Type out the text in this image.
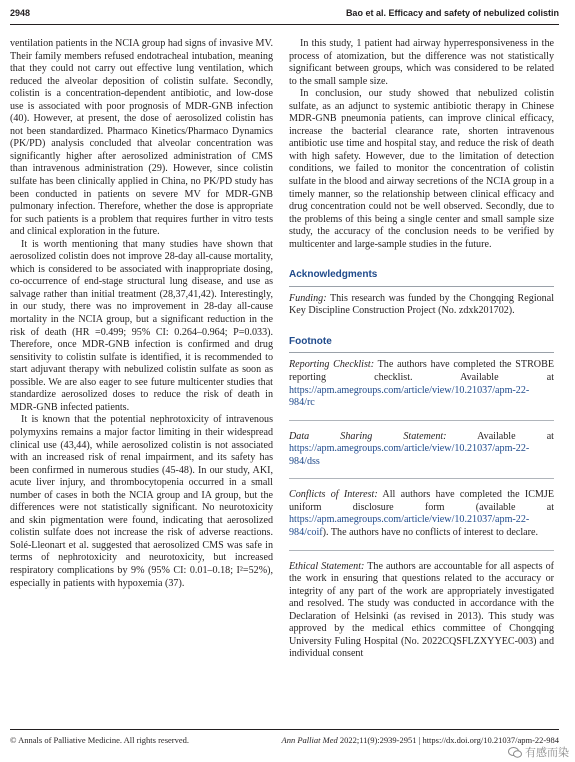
2948	Bao et al. Efficacy and safety of nebulized colistin

ventilation patients in the NCIA group had signs of invasive MV. Their family members refused endotracheal intubation, meaning that they could not carry out effective lung ventilation, which reduced the alveolar deposition of colistin sulfate. Secondly, colistin is a concentration-dependent antibiotic, and low-dose use is associated with poor prognosis of MDR-GNB infection (40). However, at present, the dose of aerosolized colistin has not been standardized. Pharmaco Kinetics/Pharmaco Dynamics (PK/PD) analysis concluded that alveolar concentration was significantly higher after aerosolized administration of CMS than intravenous administration (29). However, since colistin sulfate has been clinically applied in China, no PK/PD study has been conducted in patients on severe MV for MDR-GNB pulmonary infection. Therefore, whether the dose is appropriate for such patients is a problem that requires further in vitro tests and clinical exploration in the future.

It is worth mentioning that many studies have shown that aerosolized colistin does not improve 28-day all-cause mortality, which is considered to be associated with inappropriate dosing, co-occurrence of end-stage structural lung disease, and use as salvage rather than initial treatment (28,37,41,42). Interestingly, in our study, there was no improvement in 28-day all-cause mortality in the NCIA group, but a significant reduction in the risk of death (HR =0.499; 95% CI: 0.264–0.964; P=0.033). Therefore, once MDR-GNB infection is confirmed and drug sensitivity to colistin sulfate is identified, it is recommended to start adjuvant therapy with nebulized colistin sulfate as soon as possible. We are also eager to see future multicenter studies that standardize aerosolized doses to reduce the risk of death in MDR-GNB infected patients.

It is known that the potential nephrotoxicity of intravenous polymyxins remains a major factor limiting in their widespread clinical use (43,44), while aerosolized colistin is not associated with an increased risk of renal impairment, and its safety has been confirmed in numerous studies (45-48). In our study, AKI, acute liver injury, and thrombocytopenia occurred in a small number of cases in both the NCIA group and IA group, but the differences were not statistically significant. No neurotoxicity and skin pigmentation were found, indicating that aerosolized colistin sulfate does not increase the risk of adverse reactions. Solé-Lleonart et al. suggested that aerosolized CMS was safe in terms of nephrotoxicity and neurotoxicity, but increased respiratory complications by 9% (95% CI: 0.01–0.18; I²=52%), especially in patients with hypoxemia (37).

In this study, 1 patient had airway hyperresponsiveness in the process of atomization, but the difference was not statistically significant between groups, which was considered to be related to the small sample size.

In conclusion, our study showed that nebulized colistin sulfate, as an adjunct to systemic antibiotic therapy in Chinese MDR-GNB pneumonia patients, can improve clinical efficacy, increase the bacterial clearance rate, shorten intravenous antibiotic use time and hospital stay, and reduce the risk of death with high safety. However, due to the limitation of detection conditions, we failed to monitor the concentration of colistin sulfate in the blood and airway secretions of the NCIA group in a timely manner, so the relationship between clinical efficacy and drug concentration could not be well observed. Secondly, due to the problems of this being a single center and small sample size study, the accuracy of the conclusion needs to be verified by multicenter and large-sample studies in the future.

Acknowledgments

Funding: This research was funded by the Chongqing Regional Key Discipline Construction Project (No. zdxk201702).

Footnote

Reporting Checklist: The authors have completed the STROBE reporting checklist. Available at https://apm.amegroups.com/article/view/10.21037/apm-22-984/rc

Data Sharing Statement: Available at https://apm.amegroups.com/article/view/10.21037/apm-22-984/dss

Conflicts of Interest: All authors have completed the ICMJE uniform disclosure form (available at https://apm.amegroups.com/article/view/10.21037/apm-22-984/coif). The authors have no conflicts of interest to declare.

Ethical Statement: The authors are accountable for all aspects of the work in ensuring that questions related to the accuracy or integrity of any part of the work are appropriately investigated and resolved. The study was conducted in accordance with the Declaration of Helsinki (as revised in 2013). This study was approved by the medical ethics committee of Chongqing University Fuling Hospital (No. 2022CQSFLZXYYEC-003) and individual consent

© Annals of Palliative Medicine. All rights reserved.	Ann Palliat Med 2022;11(9):2939-2951 | https://dx.doi.org/10.21037/apm-22-984
有感而染
